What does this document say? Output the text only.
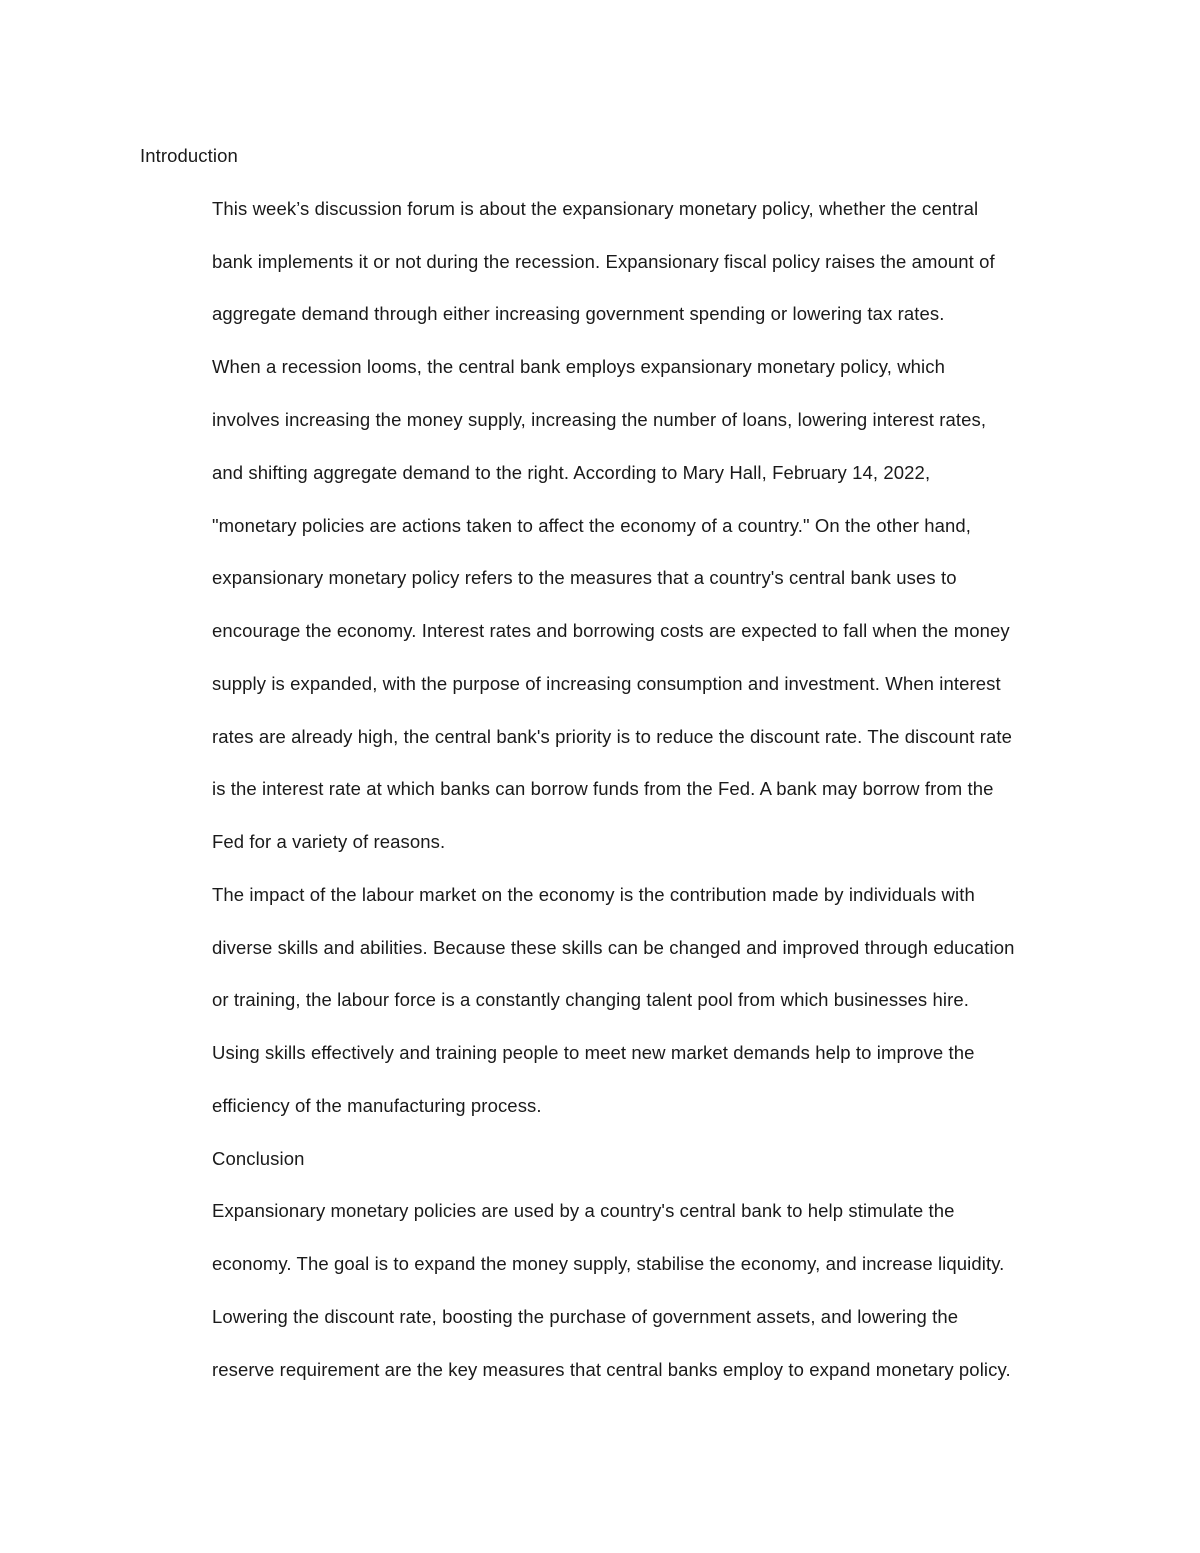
Introduction
This week’s discussion forum is about the expansionary monetary policy, whether the central
bank implements it or not during the recession. Expansionary fiscal policy raises the amount of
aggregate demand through either increasing government spending or lowering tax rates.
When a recession looms, the central bank employs expansionary monetary policy, which
involves increasing the money supply, increasing the number of loans, lowering interest rates,
and shifting aggregate demand to the right. According to Mary Hall, February 14, 2022,
"monetary policies are actions taken to affect the economy of a country." On the other hand,
expansionary monetary policy refers to the measures that a country's central bank uses to
encourage the economy. Interest rates and borrowing costs are expected to fall when the money
supply is expanded, with the purpose of increasing consumption and investment. When interest
rates are already high, the central bank's priority is to reduce the discount rate. The discount rate
is the interest rate at which banks can borrow funds from the Fed. A bank may borrow from the
Fed for a variety of reasons.
The impact of the labour market on the economy is the contribution made by individuals with
diverse skills and abilities. Because these skills can be changed and improved through education
or training, the labour force is a constantly changing talent pool from which businesses hire.
Using skills effectively and training people to meet new market demands help to improve the
efficiency of the manufacturing process.
Conclusion
Expansionary monetary policies are used by a country's central bank to help stimulate the
economy. The goal is to expand the money supply, stabilise the economy, and increase liquidity.
Lowering the discount rate, boosting the purchase of government assets, and lowering the
reserve requirement are the key measures that central banks employ to expand monetary policy.
